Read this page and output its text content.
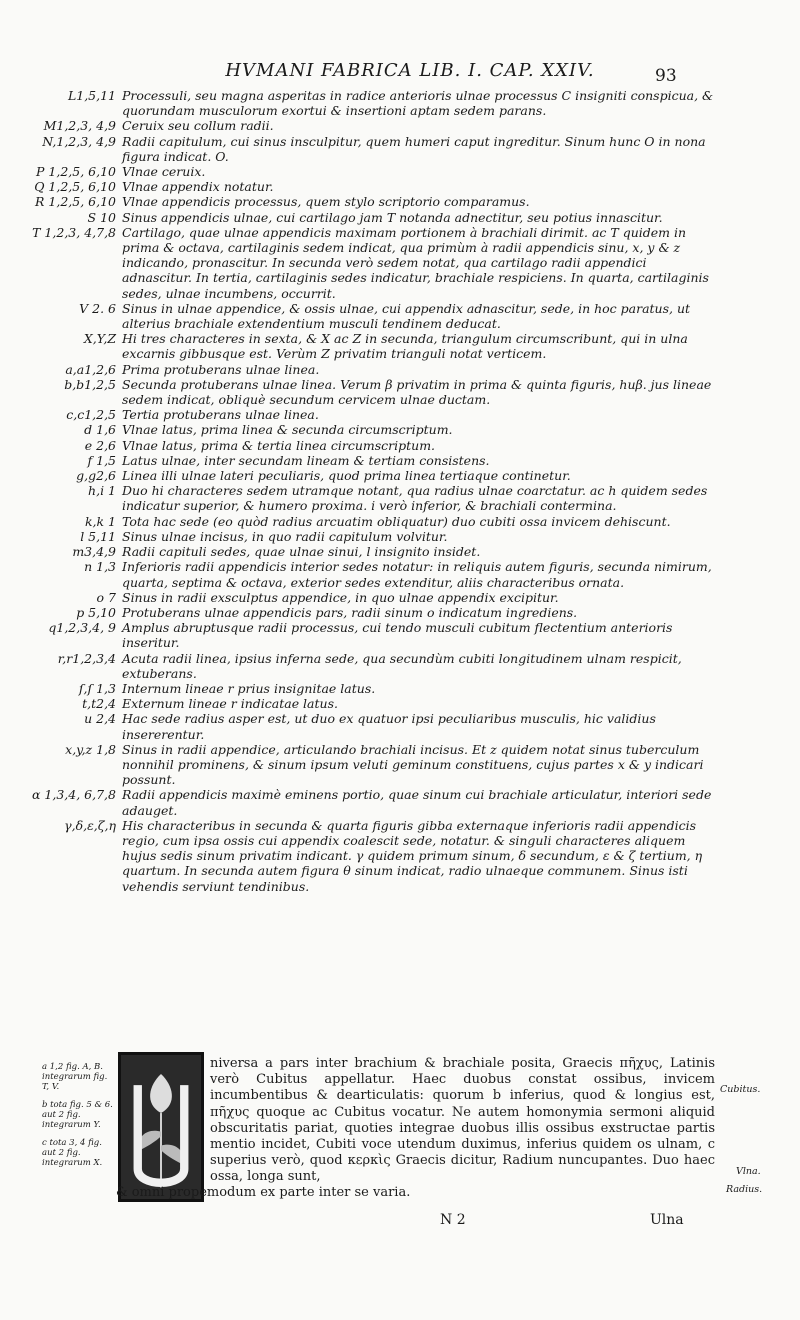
HVMANI FABRICA LIB. I. CAP. XXIV.	93
L1,5,11 Processuli, seu magna asperitas in radice anterioris ulnae processus C insigniti conspicua, & quorundam musculorum exortui & insertioni aptam sedem parans.
M1,2,3, 4,9 Ceruix seu collum radii.
N,1,2,3, 4,9 Radii capitulum, cui sinus insculpitur, quem humeri caput ingreditur. Sinum hunc O in nona figura indicat. O.
P 1,2,5, 6,10 Vlnae ceruix.
Q 1,2,5, 6,10 Vlnae appendix notatur.
R 1,2,5, 6,10 Vlnae appendicis processus, quem stylo scriptorio comparamus.
S 10 Sinus appendicis ulnae, cui cartilago jam T notanda adnectitur, seu potius innascitur.
T 1,2,3, 4,7,8 Cartilago, quae ulnae appendicis maximam portionem à brachiali dirimit. ac T quidem in prima & octava, cartilaginis sedem indicat, qua primùm à radii appendicis sinu, x, y & z indicando, pronascitur. In secunda verò sedem notat, qua cartilago radii appendici adnascitur. In tertia, cartilaginis sedes indicatur, brachiale respiciens. In quarta, cartilaginis sedes, ulnae incumbens, occurrit.
V 2. 6 Sinus in ulnae appendice, & ossis ulnae, cui appendix adnascitur, sede, in hoc paratus, ut alterius brachiale extendentium musculi tendinem deducat.
X,Y,Z Hi tres characteres in sexta, & X ac Z in secunda, triangulum circumscribunt, qui in ulna excarnis gibbusque est. Verùm Z privatim trianguli notat verticem.
a,a1,2,6 Prima protuberans ulnae linea.
b,b1,2,5 Secunda protuberans ulnae linea. Verum β privatim in prima & quinta figuris, huβ. jus lineae sedem indicat, obliquè secundum cervicem ulnae ductam.
c,c1,2,5 Tertia protuberans ulnae linea.
d 1,6 Vlnae latus, prima linea & secunda circumscriptum.
e 2,6 Vlnae latus, prima & tertia linea circumscriptum.
f 1,5 Latus ulnae, inter secundam lineam & tertiam consistens.
g,g2,6 Linea illi ulnae lateri peculiaris, quod prima linea tertiaque continetur.
h,i 1 Duo hi characteres sedem utramque notant, qua radius ulnae coarctatur. ac h quidem sedes indicatur superior, & humero proxima. i verò inferior, & brachiali contermina.
k,k 1 Tota hac sede (eo quòd radius arcuatim obliquatur) duo cubiti ossa invicem dehiscunt.
l 5,11 Sinus ulnae incisus, in quo radii capitulum volvitur.
m3,4,9 Radii capituli sedes, quae ulnae sinui, l insignito insidet.
n 1,3 Inferioris radii appendicis interior sedes notatur: in reliquis autem figuris, secunda nimirum, quarta, septima & octava, exterior sedes extenditur, aliis characteribus ornata.
o 7 Sinus in radii exsculptus appendice, in quo ulnae appendix excipitur.
p 5,10 Protuberans ulnae appendicis pars, radii sinum o indicatum ingrediens.
q1,2,3,4, 9 Amplus abruptusque radii processus, cui tendo musculi cubitum flectentium anterioris inseritur.
r,r1,2,3,4 Acuta radii linea, ipsius inferna sede, qua secundùm cubiti longitudinem ulnam respicit, extuberans.
ſ,ſ 1,3 Internum lineae r prius insignitae latus.
t,t2,4 Externum lineae r indicatae latus.
u 2,4 Hac sede radius asper est, ut duo ex quatuor ipsi peculiaribus musculis, hic validius insererentur.
x,y,z 1,8 Sinus in radii appendice, articulando brachiali incisus. Et z quidem notat sinus tuberculum nonnihil prominens, & sinum ipsum veluti geminum constituens, cujus partes x & y indicari possunt.
α 1,3,4, 6,7,8 Radii appendicis maximè eminens portio, quae sinum cui brachiale articulatur, interiori sede adauget.
γ,δ,ε,ζ,η His characteribus in secunda & quarta figuris gibba externaque inferioris radii appendicis regio, cum ipsa ossis cui appendix coalescit sede, notatur. & singuli characteres aliquem hujus sedis sinum privatim indicant. γ quidem primum sinum, δ secundum, ε & ζ tertium, η quartum. In secunda autem figura θ sinum indicat, radio ulnaeque communem. Sinus isti vehendis serviunt tendinibus.
a 1,2 fig. A, B. integrarum fig. T, V.
b tota fig. 5 & 6. aut 2 fig. integrarum Y.
c tota 3, 4 fig. aut 2 fig. integrarum X.
niversa a pars inter brachium & brachiale posita, Graecis πῆχυς, Latinis verò Cubitus appellatur. Haec duobus constat ossibus, invicem incumbentibus & dearticulatis: quorum b inferius, quod & longius est, πῆχυς quoque ac Cubitus vocatur. Ne autem homonymia sermoni aliquid obscuritatis pariat, quoties integrae duobus illis ossibus exstructae partis mentio incidet, Cubiti voce utendum duximus, inferius quidem os ulnam, c superius verò, quod κερκὶς Graecis dicitur, Radium nuncupantes. Duo haec ossa, longa sunt,
& omni propemodum ex parte inter se varia.
Cubitus.
Vlna.
Radius.
N 2	Ulna
